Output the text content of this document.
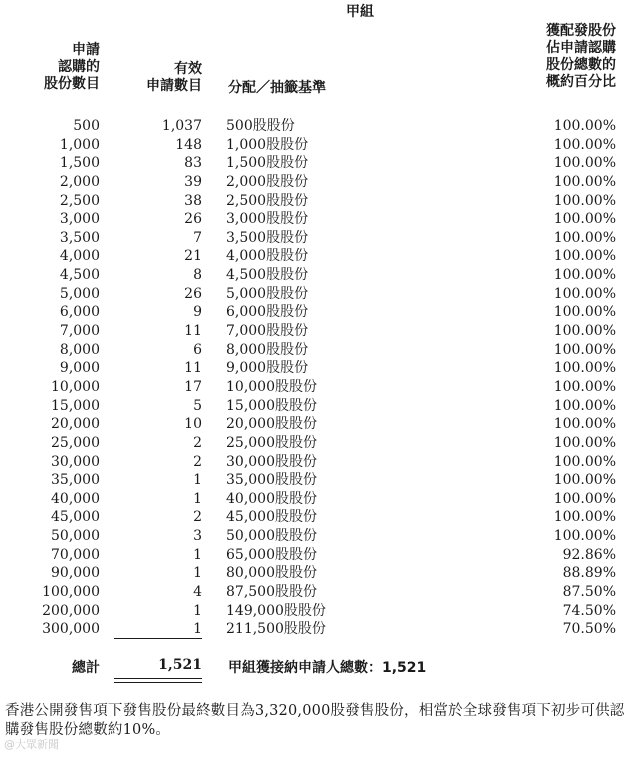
甲組
申請
認購的
股份數目
有效
申請數目 分配／抽籤基準
獲配發股份
佔申請認購
股份總數的
概約百分比
500	1,037 500股股份	100.00%
1,000	148 1,000股股份	100.00%
1,500	83 1,500股股份	100.00%
2,000	39 2,000股股份	100.00%
2,500	38 2,500股股份	100.00%
3,000	26 3,000股股份	100.00%
3,500	7 3,500股股份	100.00%
4,000	21 4,000股股份	100.00%
4,500	8 4,500股股份	100.00%
5,000	26 5,000股股份	100.00%
6,000	9 6,000股股份	100.00%
7,000	11 7,000股股份	100.00%
8,000	6 8,000股股份	100.00%
9,000	11 9,000股股份	100.00%
10,000	17 10,000股股份	100.00%
15,000	5 15,000股股份	100.00%
20,000	10 20,000股股份	100.00%
25,000	2 25,000股股份	100.00%
30,000	2 30,000股股份	100.00%
35,000	1 35,000股股份	100.00%
40,000	1 40,000股股份	100.00%
45,000	2 45,000股股份	100.00%
50,000	3 50,000股股份	100.00%
70,000	1 65,000股股份	92.86%
90,000	1 80,000股股份	88.89%
100,000	4 87,500股股份	87.50%
200,000	1 149,000股股份	74.50%
300,000	1 211,500股股份	70.50%
總計	1,521 甲組獲接納申請人總數：1,521
香港公開發售項下發售股份最終數目為3,320,000股發售股份，相當於全球發售項下初步可供認購發售股份總數約10%。
@大眾新聞
